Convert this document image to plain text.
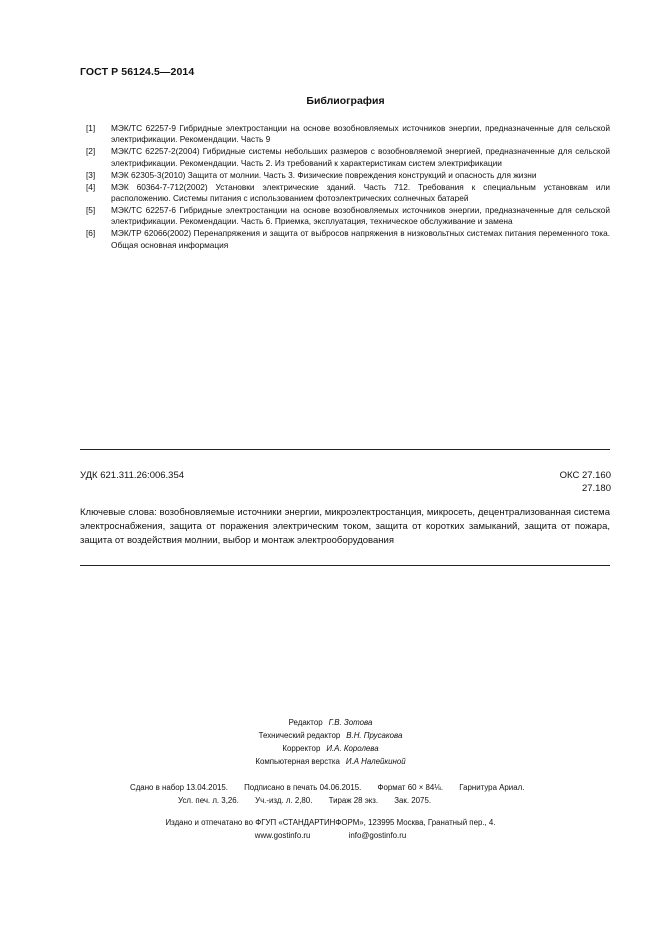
ГОСТ Р 56124.5—2014
Библиография
[1]	МЭК/ТС 62257-9 Гибридные электростанции на основе возобновляемых источников энергии, предназначенные для сельской электрификации. Рекомендации. Часть 9
[2]	МЭК/ТС 62257-2(2004) Гибридные системы небольших размеров с возобновляемой энергией, предназначенные для сельской электрификации. Рекомендации. Часть 2. Из требований к характеристикам систем электрификации
[3]	МЭК 62305-3(2010) Защита от молнии. Часть 3. Физические повреждения конструкций и опасность для жизни
[4]	МЭК 60364-7-712(2002) Установки электрические зданий. Часть 712. Требования к специальным установкам или расположению. Системы питания с использованием фотоэлектрических солнечных батарей
[5]	МЭК/ТС 62257-6 Гибридные электростанции на основе возобновляемых источников энергии, предназначенные для сельской электрификации. Рекомендации. Часть 6. Приемка, эксплуатация, техническое обслуживание и замена
[6]	МЭК/ТР 62066(2002) Перенапряжения и защита от выбросов напряжения в низковольтных системах питания переменного тока. Общая основная информация
УДК 621.311.26:006.354	ОКС 27.160
27.180
Ключевые слова: возобновляемые источники энергии, микроэлектростанция, микросеть, децентрализованная система электроснабжения, защита от поражения электрическим током, защита от коротких замыканий, защита от пожара, защита от воздействия молнии, выбор и монтаж электрооборудования
Редактор Г.В. Зотова
Технический редактор В.Н. Прусакова
Корректор И.А. Королева
Компьютерная верстка И.А Налейкиной
Сдано в набор 13.04.2015. Подписано в печать 04.06.2015. Формат 60 × 84⅛. Гарнитура Ариал.
Усл. печ. л. 3,26. Уч.-изд. л. 2,80. Тираж 28 экз. Зак. 2075.
Издано и отпечатано во ФГУП «СТАНДАРТИНФОРМ», 123995 Москва, Гранатный пер., 4.
www.gostinfo.ru	info@gostinfo.ru
